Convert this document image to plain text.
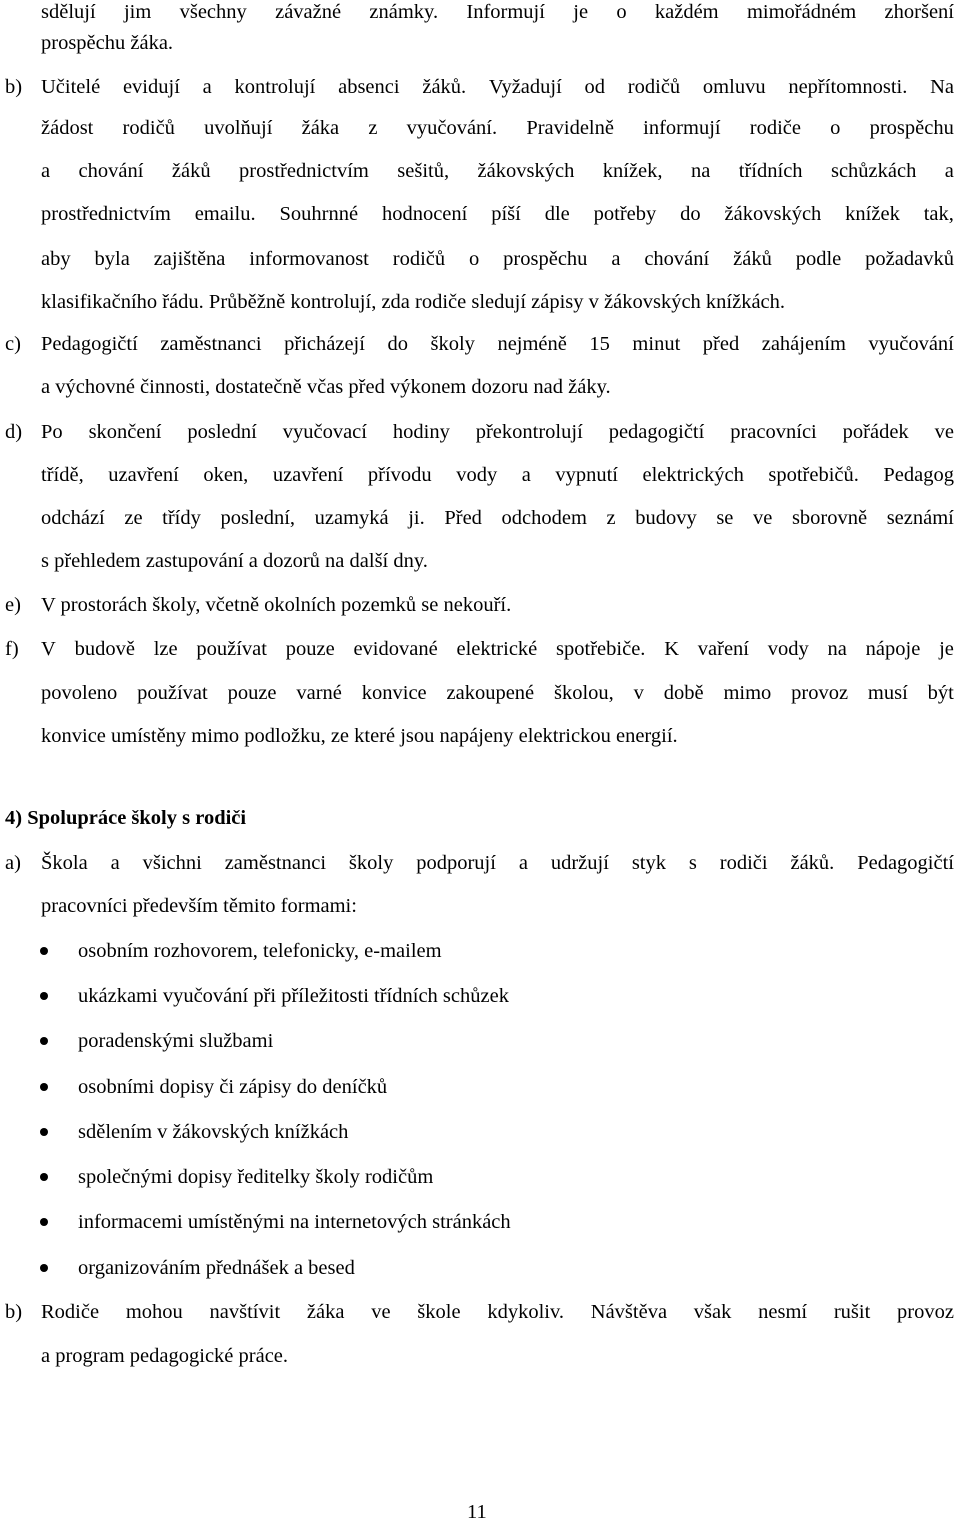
sdělují jim všechny závažné známky. Informují je o každém mimořádném zhoršení
prospěchu žáka.
b) Učitelé evidují a kontrolují absenci žáků. Vyžadují od rodičů omluvu nepřítomnosti. Na
žádost rodičů uvolňují žáka z vyučování. Pravidelně informují rodiče o prospěchu
a chování žáků prostřednictvím sešitů, žákovských knížek, na třídních schůzkách a
prostřednictvím emailu. Souhrnné hodnocení píší dle potřeby do žákovských knížek tak,
aby byla zajištěna informovanost rodičů o prospěchu a chování žáků podle požadavků
klasifikačního řádu. Průběžně kontrolují, zda rodiče sledují zápisy v žákovských knížkách.
c) Pedagogičtí zaměstnanci přicházejí do školy nejméně 15 minut před zahájením vyučování
a výchovné činnosti, dostatečně včas před výkonem dozoru nad žáky.
d) Po skončení poslední vyučovací hodiny překontrolují pedagogičtí pracovníci pořádek ve
třídě, uzavření oken, uzavření přívodu vody a vypnutí elektrických spotřebičů. Pedagog
odchází ze třídy poslední, uzamyká ji. Před odchodem z budovy se ve sborovně seznámí
s přehledem zastupování a dozorů na další dny.
e) V prostorách školy, včetně okolních pozemků se nekouří.
f) V budově lze používat pouze evidované elektrické spotřebiče. K vaření vody na nápoje je
povoleno používat pouze varné konvice zakoupené školou, v době mimo provoz musí být
konvice umístěny mimo podložku, ze které jsou napájeny elektrickou energií.
4) Spolupráce školy s rodiči
a) Škola a všichni zaměstnanci školy podporují a udržují styk s rodiči žáků. Pedagogičtí
pracovníci především těmito formami:
osobním rozhovorem, telefonicky, e-mailem
ukázkami vyučování při příležitosti třídních schůzek
poradenskými službami
osobními dopisy či zápisy do deníčků
sdělením v žákovských knížkách
společnými dopisy ředitelky školy rodičům
informacemi umístěnými na internetových stránkách
organizováním přednášek a besed
b) Rodiče mohou navštívit žáka ve škole kdykoliv. Návštěva však nesmí rušit provoz
a program pedagogické práce.
11
